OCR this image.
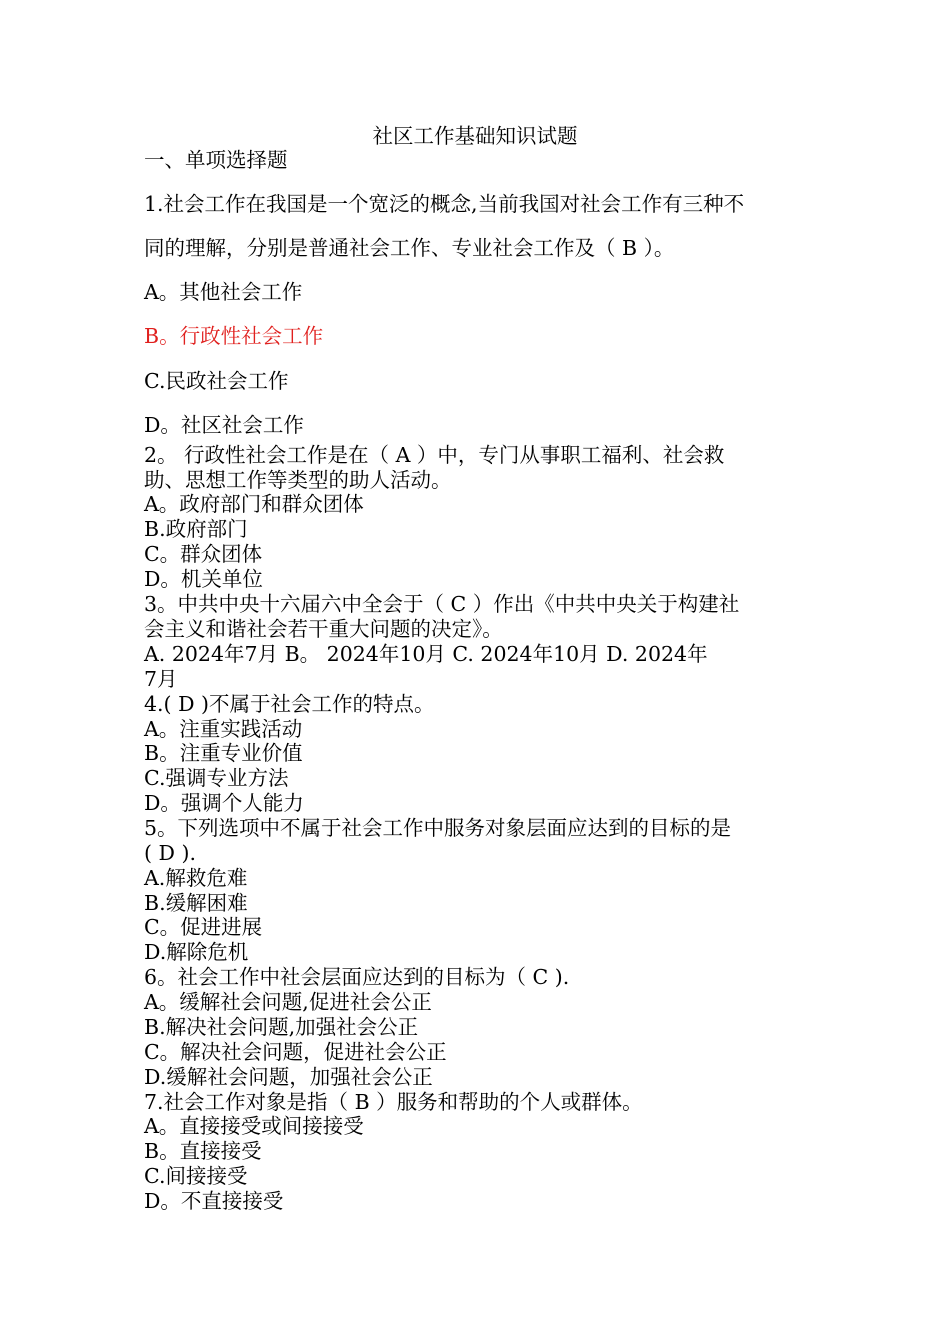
社区工作基础知识试题
一、单项选择题
1.社会工作在我国是一个宽泛的概念,当前我国对社会工作有三种不
同的理解，分别是普通社会工作、专业社会工作及（ B ）。
A。其他社会工作
B。行政性社会工作
C.民政社会工作
D。社区社会工作
2。 行政性社会工作是在（ A ）中，专门从事职工福利、社会救
助、思想工作等类型的助人活动。
A。政府部门和群众团体
B.政府部门
C。群众团体
D。机关单位
3。中共中央十六届六中全会于（ C ）作出《中共中央关于构建社
会主义和谐社会若干重大问题的决定》。
A. 2024年7月 B。 2024年10月 C. 2024年10月 D. 2024年
7月
4.( D )不属于社会工作的特点。
A。注重实践活动
B。注重专业价值
C.强调专业方法
D。强调个人能力
5。下列选项中不属于社会工作中服务对象层面应达到的目标的是
( D ).
A.解救危难
B.缓解困难
C。促进进展
D.解除危机
6。社会工作中社会层面应达到的目标为（ C ).
A。缓解社会问题,促进社会公正
B.解决社会问题,加强社会公正
C。解决社会问题，促进社会公正
D.缓解社会问题，加强社会公正
7.社会工作对象是指（ B ）服务和帮助的个人或群体。
A。直接接受或间接接受
B。直接接受
C.间接接受
D。不直接接受
